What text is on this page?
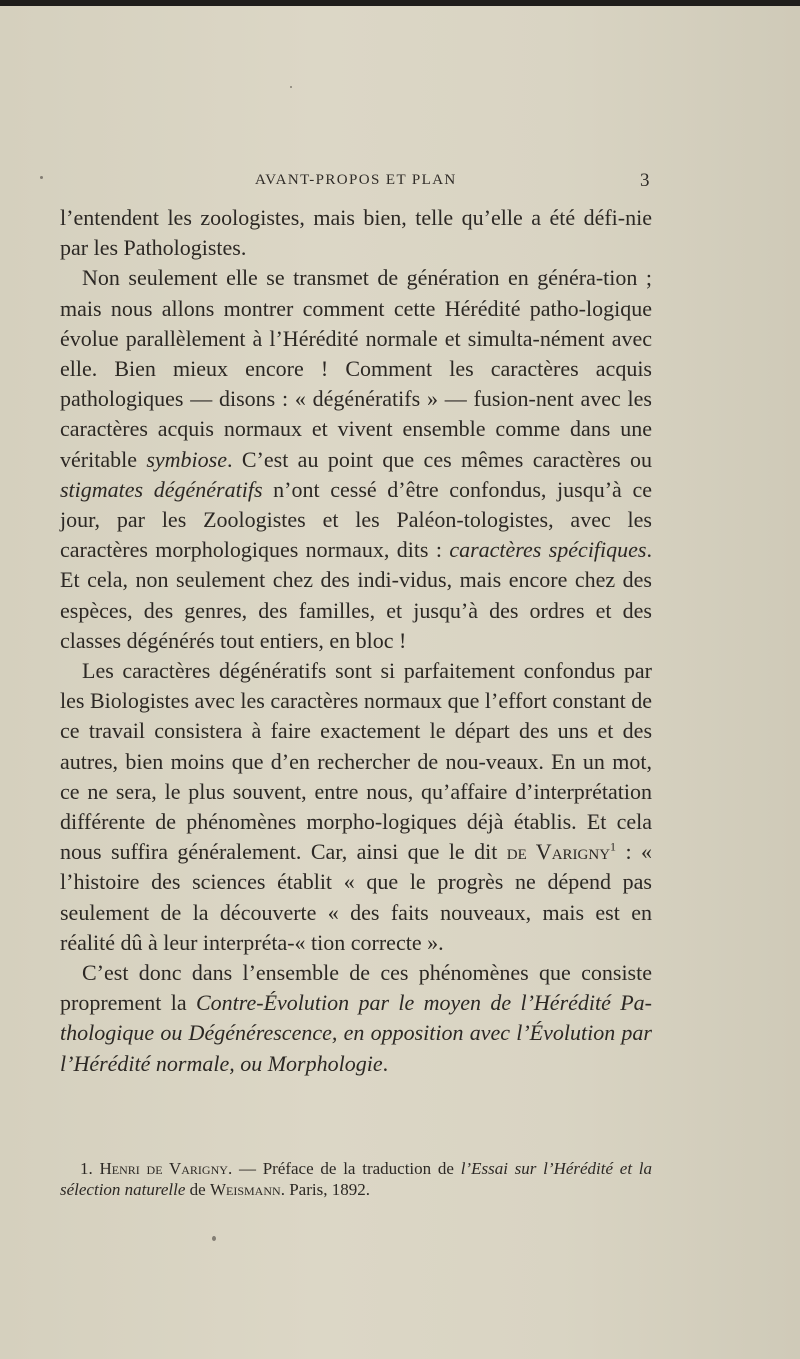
AVANT-PROPOS ET PLAN	3

l’entendent les zoologistes, mais bien, telle qu’elle a été défi-nie par les Pathologistes.

Non seulement elle se transmet de génération en généra-tion ; mais nous allons montrer comment cette Hérédité patho-logique évolue parallèlement à l’Hérédité normale et simulta-nément avec elle. Bien mieux encore ! Comment les caractères acquis pathologiques — disons : « dégénératifs » — fusion-nent avec les caractères acquis normaux et vivent ensemble comme dans une véritable symbiose. C’est au point que ces mêmes caractères ou stigmates dégénératifs n’ont cessé d’être confondus, jusqu’à ce jour, par les Zoologistes et les Paléon-tologistes, avec les caractères morphologiques normaux, dits : caractères spécifiques. Et cela, non seulement chez des indi-vidus, mais encore chez des espèces, des genres, des familles, et jusqu’à des ordres et des classes dégénérés tout entiers, en bloc !

Les caractères dégénératifs sont si parfaitement confondus par les Biologistes avec les caractères normaux que l’effort constant de ce travail consistera à faire exactement le départ des uns et des autres, bien moins que d’en rechercher de nou-veaux. En un mot, ce ne sera, le plus souvent, entre nous, qu’affaire d’interprétation différente de phénomènes morpho-logiques déjà établis. Et cela nous suffira généralement. Car, ainsi que le dit de Varigny$^1$ : « l’histoire des sciences établit « que le progrès ne dépend pas seulement de la découverte « des faits nouveaux, mais est en réalité dû à leur interpréta-« tion correcte ».

C’est donc dans l’ensemble de ces phénomènes que consiste proprement la Contre-Évolution par le moyen de l’Hérédité Pa-thologique ou Dégénérescence, en opposition avec l’Évolution par l’Hérédité normale, ou Morphologie.

1. Henri de Varigny. — Préface de la traduction de l’Essai sur l’Hérédité et la sélection naturelle de Weismann. Paris, 1892.
